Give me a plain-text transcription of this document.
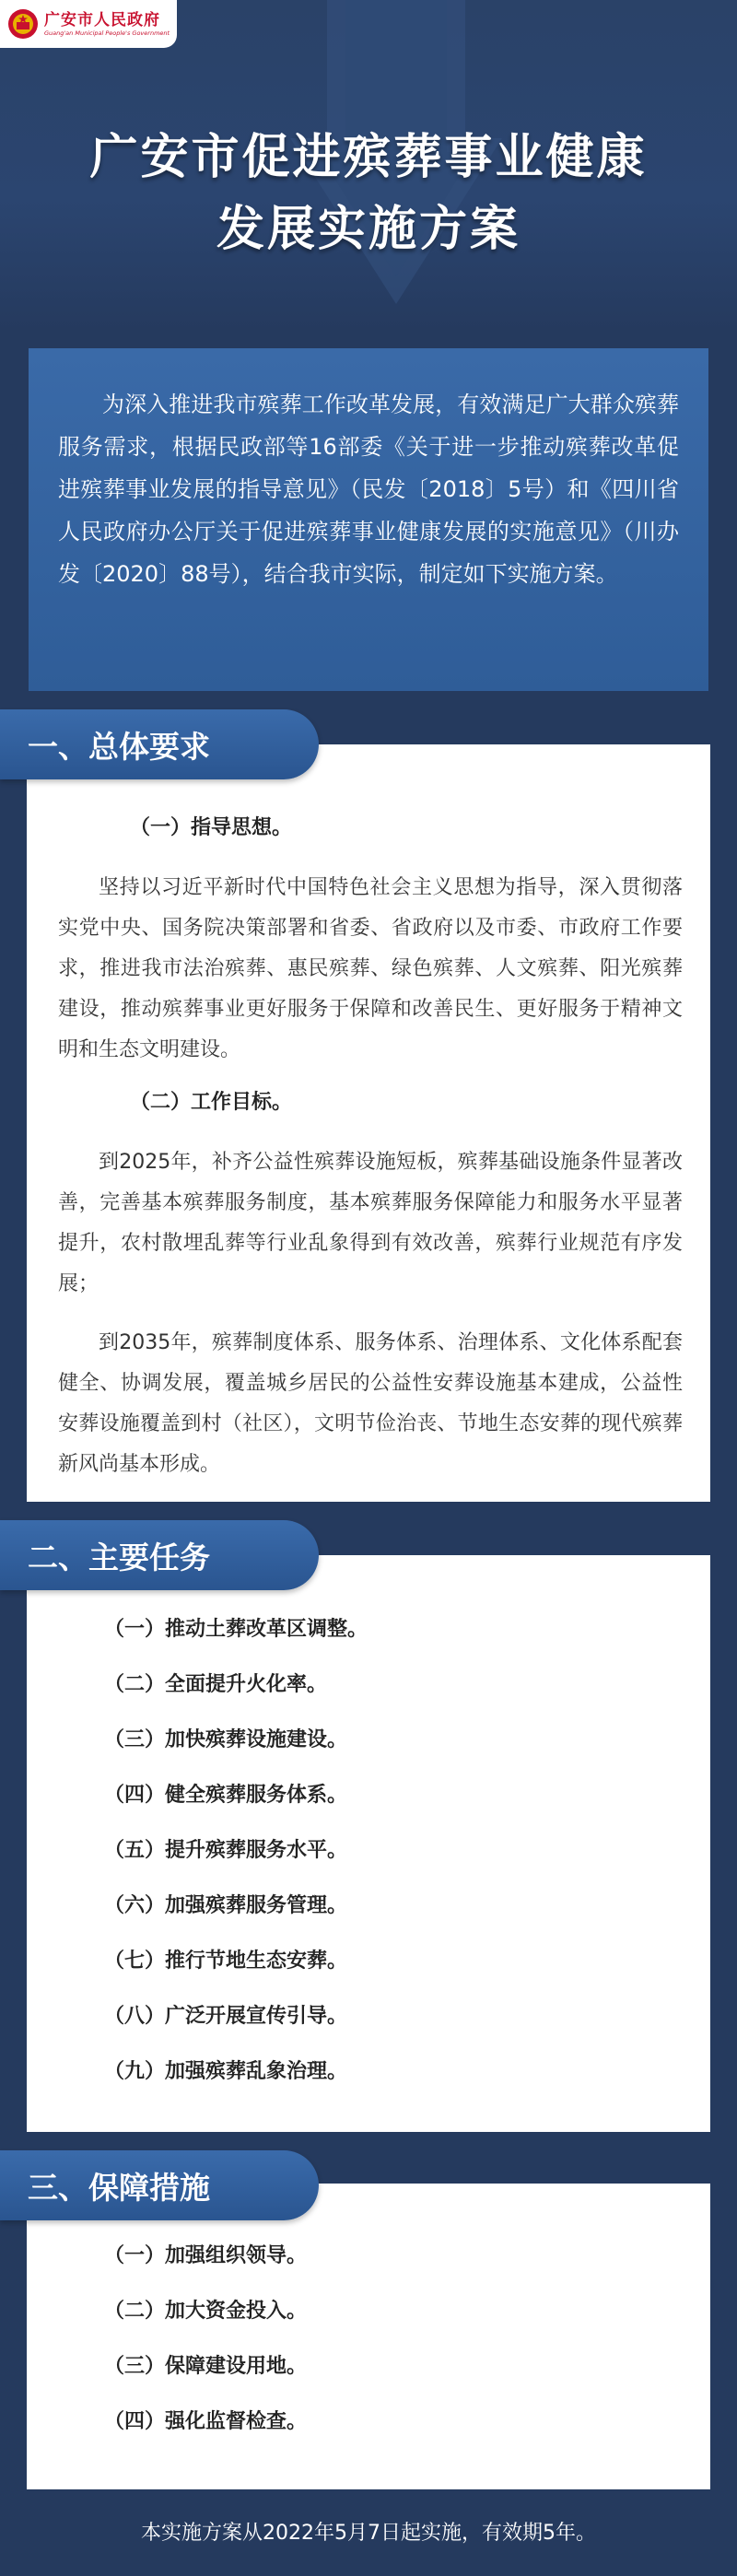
广安市人民政府
Guang'an Municipal People's Government
广安市促进殡葬事业健康
发展实施方案

为深入推进我市殡葬工作改革发展，有效满足广大群众殡葬服务需求，根据民政部等16部委《关于进一步推动殡葬改革促进殡葬事业发展的指导意见》（民发〔2018〕5号）和《四川省人民政府办公厅关于促进殡葬事业健康发展的实施意见》（川办发〔2020〕88号），结合我市实际，制定如下实施方案。

（一）指导思想。

坚持以习近平新时代中国特色社会主义思想为指导，深入贯彻落实党中央、国务院决策部署和省委、省政府以及市委、市政府工作要求，推进我市法治殡葬、惠民殡葬、绿色殡葬、人文殡葬、阳光殡葬建设，推动殡葬事业更好服务于保障和改善民生、更好服务于精神文明和生态文明建设。

（二）工作目标。

到2025年，补齐公益性殡葬设施短板，殡葬基础设施条件显著改善，完善基本殡葬服务制度，基本殡葬服务保障能力和服务水平显著提升，农村散埋乱葬等行业乱象得到有效改善，殡葬行业规范有序发展；

到2035年，殡葬制度体系、服务体系、治理体系、文化体系配套健全、协调发展，覆盖城乡居民的公益性安葬设施基本建成，公益性安葬设施覆盖到村（社区），文明节俭治丧、节地生态安葬的现代殡葬新风尚基本形成。

一、总体要求
（一）推动土葬改革区调整。
（二）全面提升火化率。
（三）加快殡葬设施建设。
（四）健全殡葬服务体系。
（五）提升殡葬服务水平。
（六）加强殡葬服务管理。
（七）推行节地生态安葬。
（八）广泛开展宣传引导。
（九）加强殡葬乱象治理。
二、主要任务
（一）加强组织领导。
（二）加大资金投入。
（三）保障建设用地。
（四）强化监督检查。
三、保障措施
本实施方案从2022年5月7日起实施，有效期5年。
